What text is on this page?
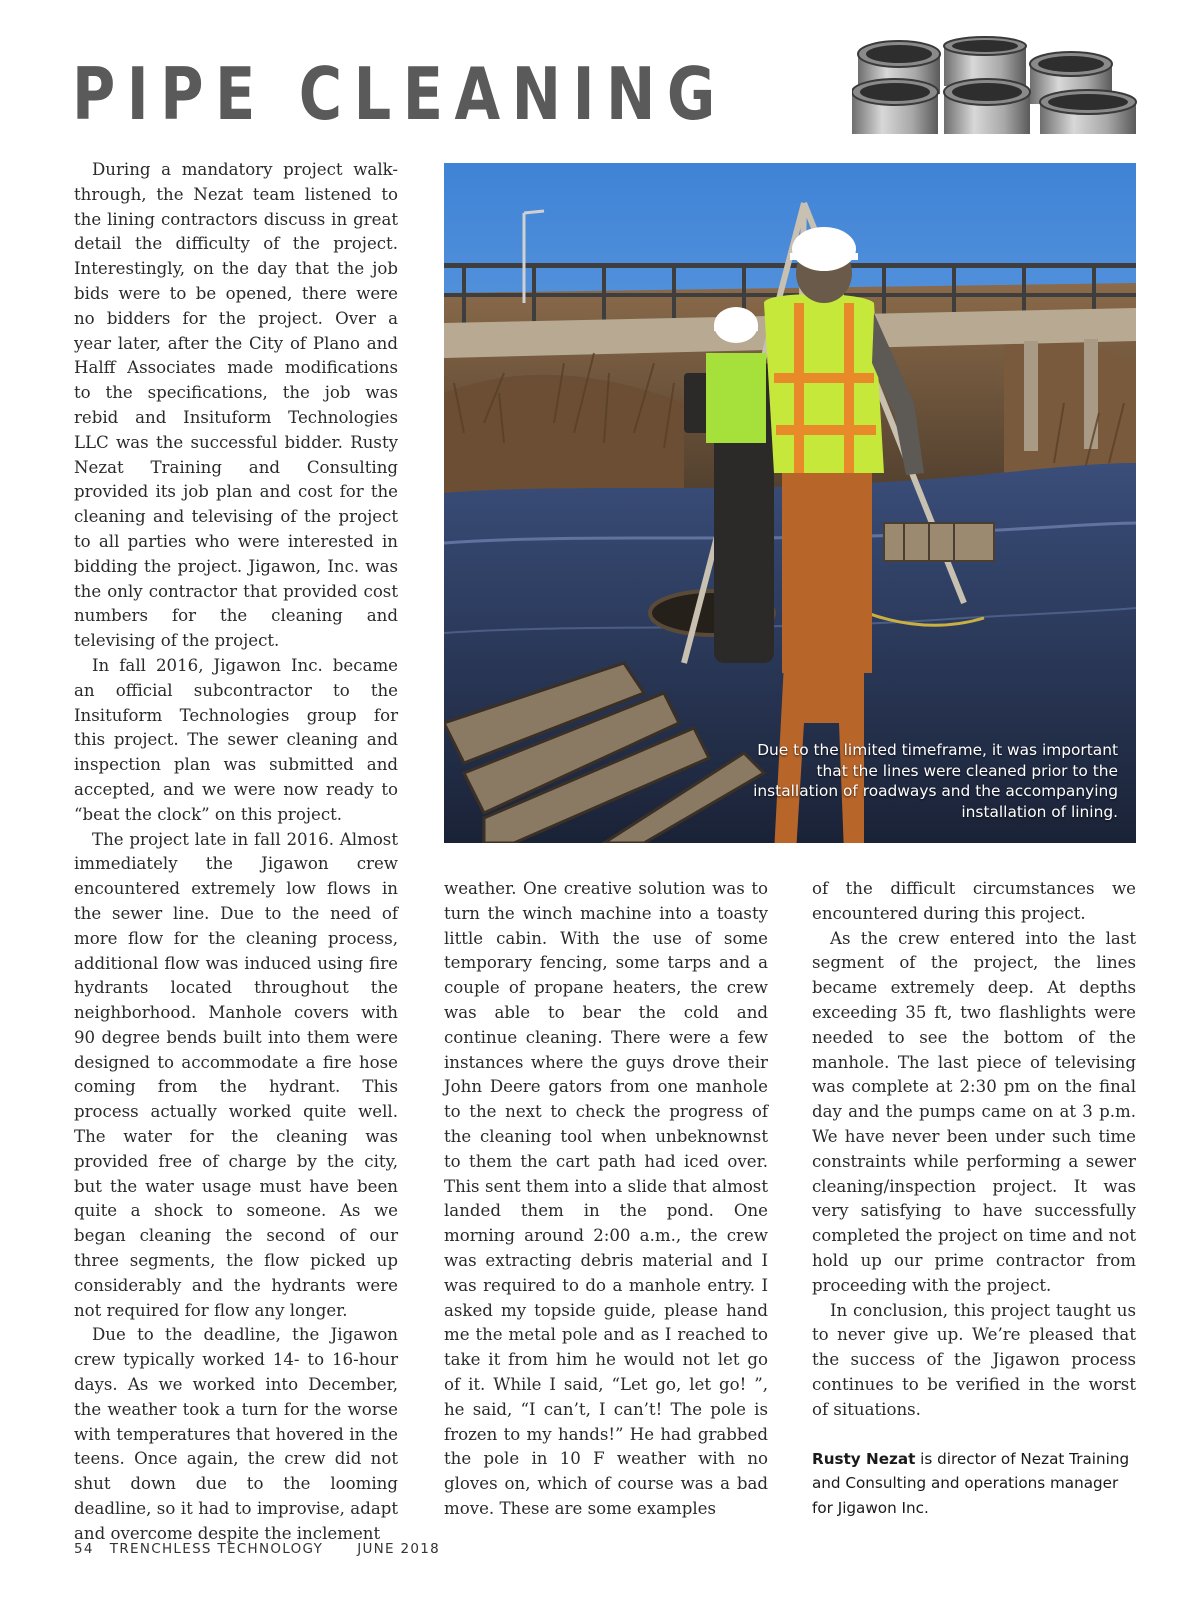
PIPE CLEANING

During a mandatory project walk-through, the Nezat team listened to the lining contractors discuss in great detail the difficulty of the project. Interestingly, on the day that the job bids were to be opened, there were no bidders for the project. Over a year later, after the City of Plano and Halff Associates made modifications to the specifications, the job was rebid and Insituform Technologies LLC was the successful bidder. Rusty Nezat Training and Consulting provided its job plan and cost for the cleaning and televising of the project to all parties who were interested in bidding the project. Jigawon, Inc. was the only contractor that provided cost numbers for the cleaning and televising of the project.

In fall 2016, Jigawon Inc. became an official subcontractor to the Insituform Technologies group for this project. The sewer cleaning and inspection plan was submitted and accepted, and we were now ready to “beat the clock” on this project.

The project late in fall 2016. Almost immediately the Jigawon crew encountered extremely low flows in the sewer line. Due to the need of more flow for the cleaning process, additional flow was induced using fire hydrants located throughout the neighborhood. Manhole covers with 90 degree bends built into them were designed to accommodate a fire hose coming from the hydrant. This process actually worked quite well. The water for the cleaning was provided free of charge by the city, but the water usage must have been quite a shock to someone. As we began cleaning the second of our three segments, the flow picked up considerably and the hydrants were not required for flow any longer.

Due to the deadline, the Jigawon crew typically worked 14- to 16-hour days. As we worked into December, the weather took a turn for the worse with temperatures that hovered in the teens. Once again, the crew did not shut down due to the looming deadline, so it had to improvise, adapt and overcome despite the inclement

Due to the limited timeframe, it was important that the lines were cleaned prior to the installation of roadways and the accompanying installation of lining.

weather. One creative solution was to turn the winch machine into a toasty little cabin. With the use of some temporary fencing, some tarps and a couple of propane heaters, the crew was able to bear the cold and continue cleaning. There were a few instances where the guys drove their John Deere gators from one manhole to the next to check the progress of the cleaning tool when unbeknownst to them the cart path had iced over. This sent them into a slide that almost landed them in the pond. One morning around 2:00 a.m., the crew was extracting debris material and I was required to do a manhole entry. I asked my topside guide, please hand me the metal pole and as I reached to take it from him he would not let go of it. While I said, “Let go, let go! ”, he said, “I can’t, I can’t! The pole is frozen to my hands!” He had grabbed the pole in 10 F weather with no gloves on, which of course was a bad move. These are some examples

of the difficult circumstances we encountered during this project.

As the crew entered into the last segment of the project, the lines became extremely deep. At depths exceeding 35 ft, two flashlights were needed to see the bottom of the manhole. The last piece of televising was complete at 2:30 pm on the final day and the pumps came on at 3 p.m. We have never been under such time constraints while performing a sewer cleaning/inspection project. It was very satisfying to have successfully completed the project on time and not hold up our prime contractor from proceeding with the project.

In conclusion, this project taught us to never give up. We’re pleased that the success of the Jigawon process continues to be verified in the worst of situations.

Rusty Nezat is director of Nezat Training and Consulting and operations manager for Jigawon Inc.

54 TRENCHLESS TECHNOLOGY	JUNE 2018
